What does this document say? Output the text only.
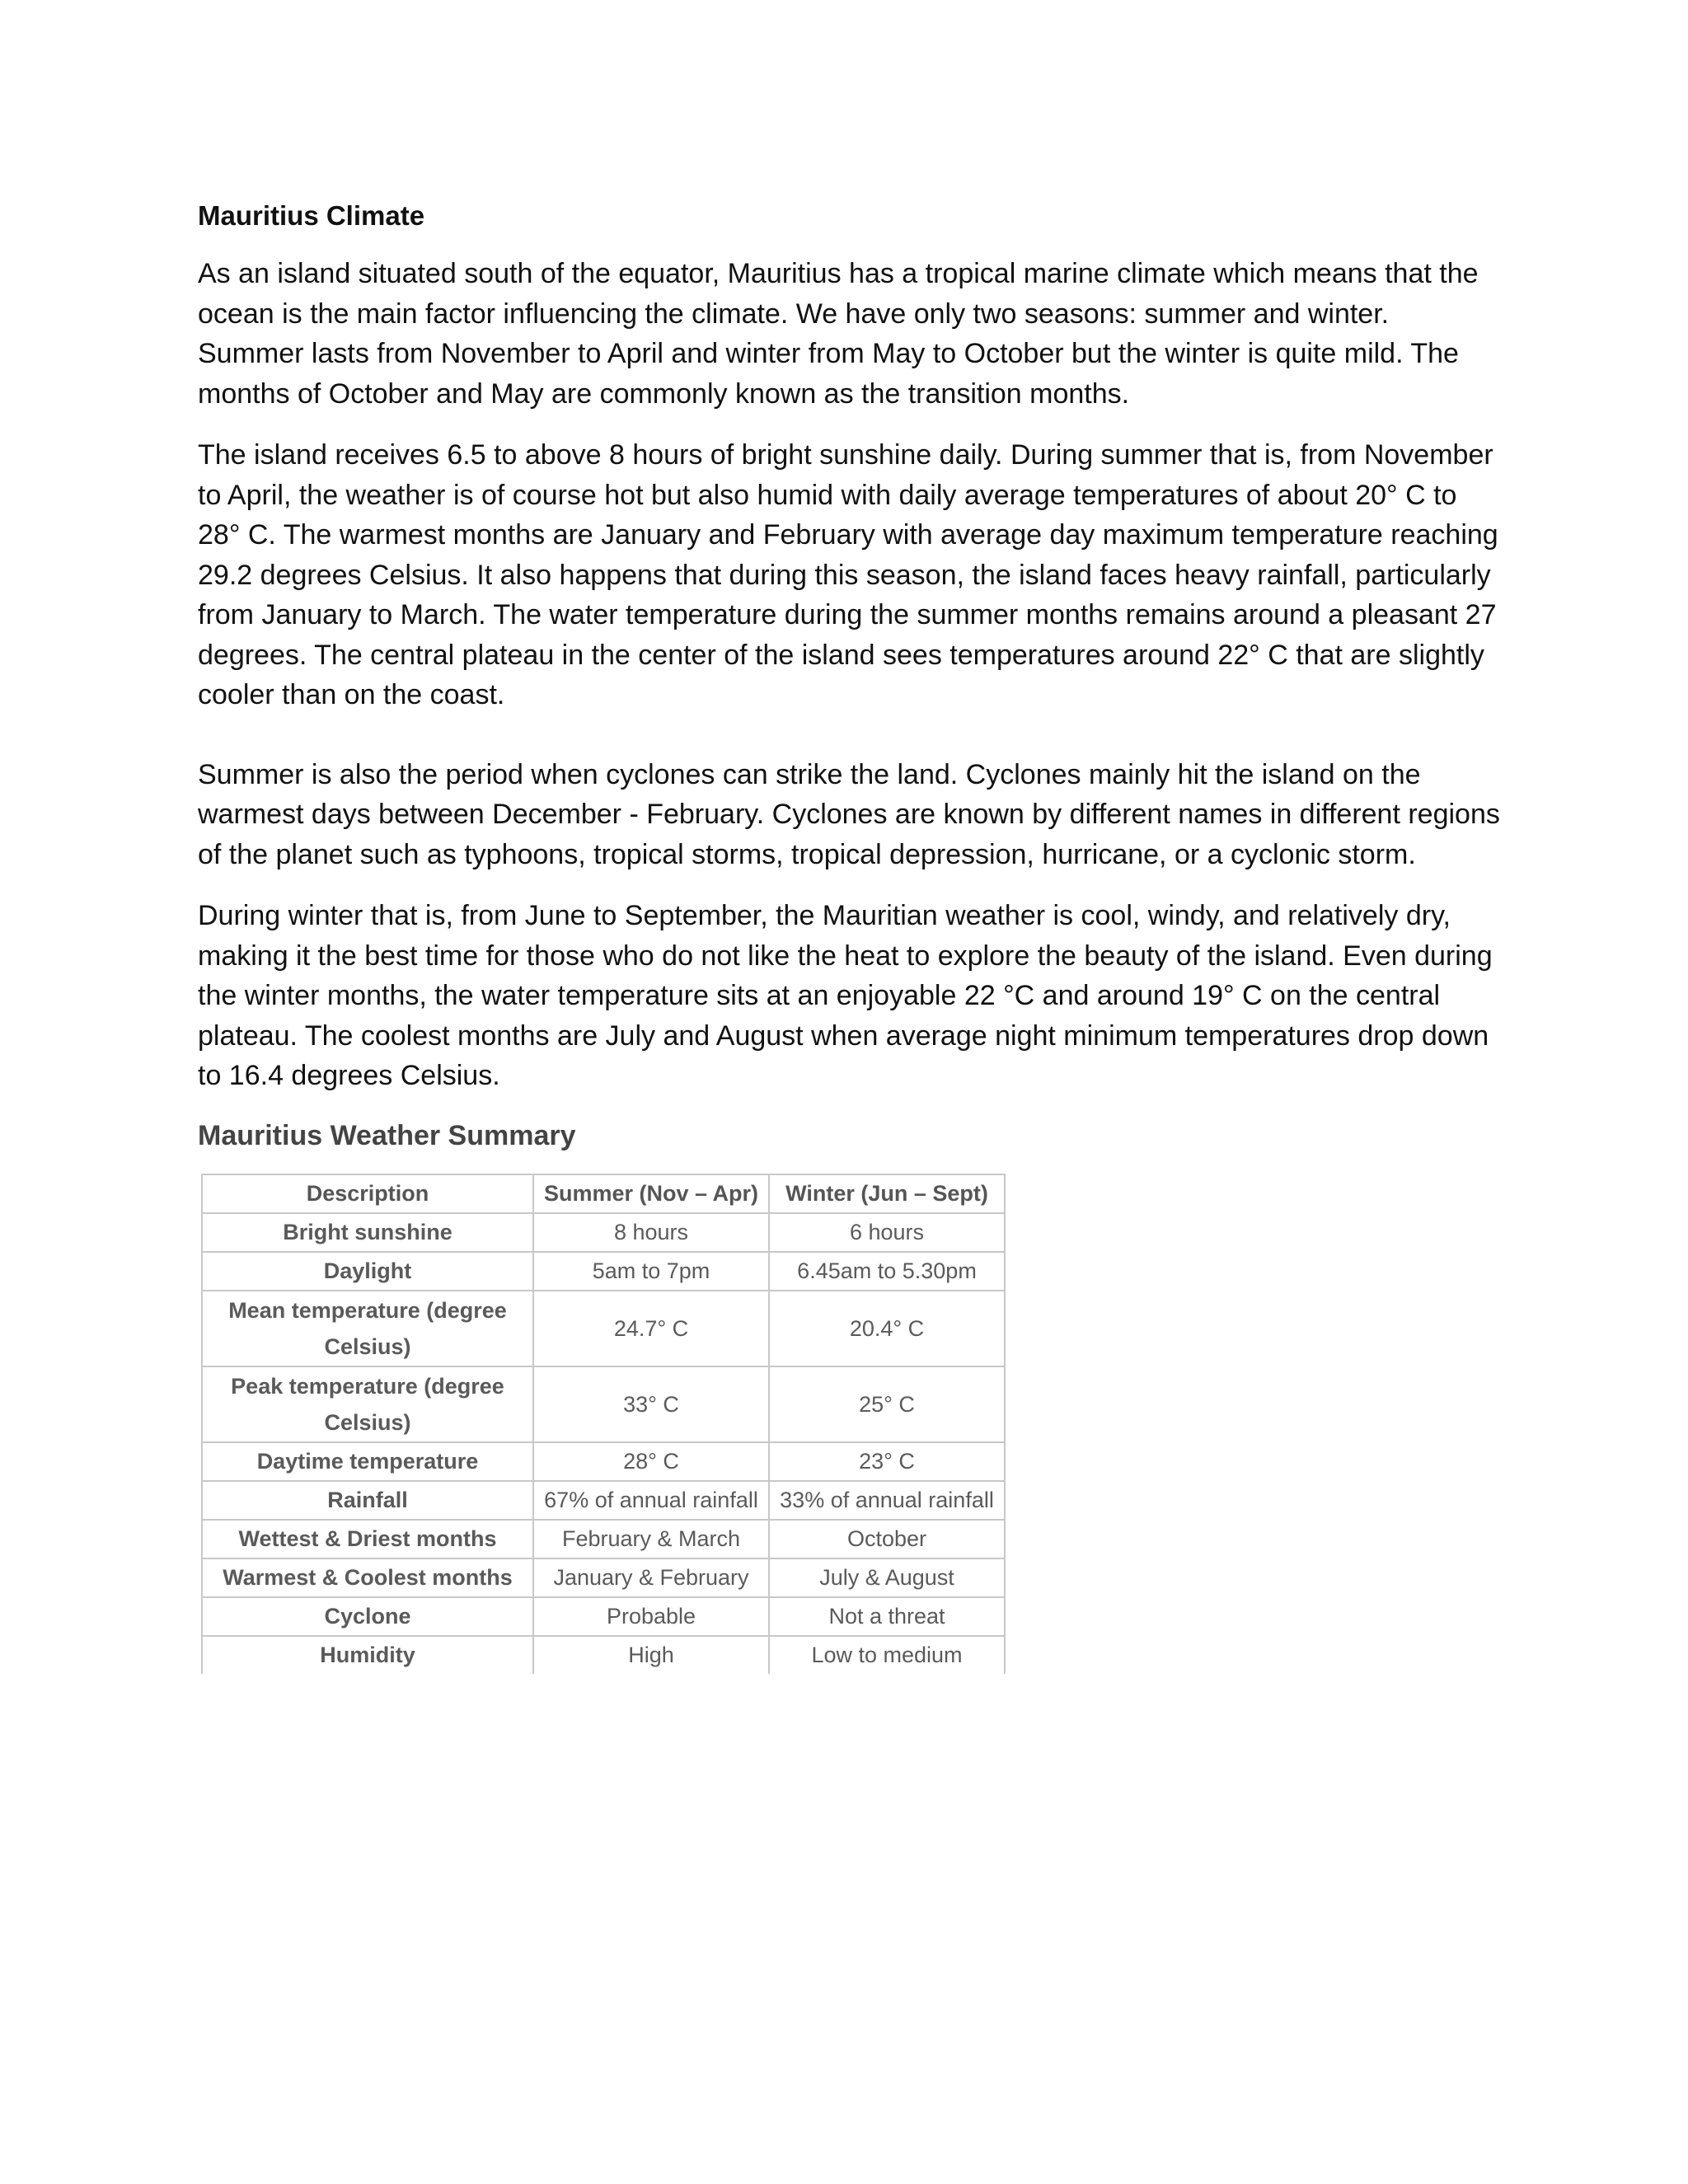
Mauritius Climate

As an island situated south of the equator, Mauritius has a tropical marine climate which means that the ocean is the main factor influencing the climate. We have only two seasons: summer and winter. Summer lasts from November to April and winter from May to October but the winter is quite mild. The months of October and May are commonly known as the transition months.

The island receives 6.5 to above 8 hours of bright sunshine daily. During summer that is, from November to April, the weather is of course hot but also humid with daily average temperatures of about 20° C to 28° C. The warmest months are January and February with average day maximum temperature reaching 29.2 degrees Celsius. It also happens that during this season, the island faces heavy rainfall, particularly from January to March. The water temperature during the summer months remains around a pleasant 27 degrees. The central plateau in the center of the island sees temperatures around 22° C that are slightly cooler than on the coast.

Summer is also the period when cyclones can strike the land. Cyclones mainly hit the island on the warmest days between December - February. Cyclones are known by different names in different regions of the planet such as typhoons, tropical storms, tropical depression, hurricane, or a cyclonic storm.

During winter that is, from June to September, the Mauritian weather is cool, windy, and relatively dry, making it the best time for those who do not like the heat to explore the beauty of the island. Even during the winter months, the water temperature sits at an enjoyable 22 °C and around 19° C on the central plateau. The coolest months are July and August when average night minimum temperatures drop down to 16.4 degrees Celsius.

Mauritius Weather Summary
Description	Summer (Nov – Apr)	Winter (Jun – Sept)
Bright sunshine	8 hours	6 hours
Daylight	5am to 7pm	6.45am to 5.30pm
Mean temperature (degree Celsius)	24.7° C	20.4° C
Peak temperature (degree Celsius)	33° C	25° C
Daytime temperature	28° C	23° C
Rainfall	67% of annual rainfall	33% of annual rainfall
Wettest & Driest months	February & March	October
Warmest & Coolest months	January & February	July & August
Cyclone	Probable	Not a threat
Humidity	High	Low to medium
